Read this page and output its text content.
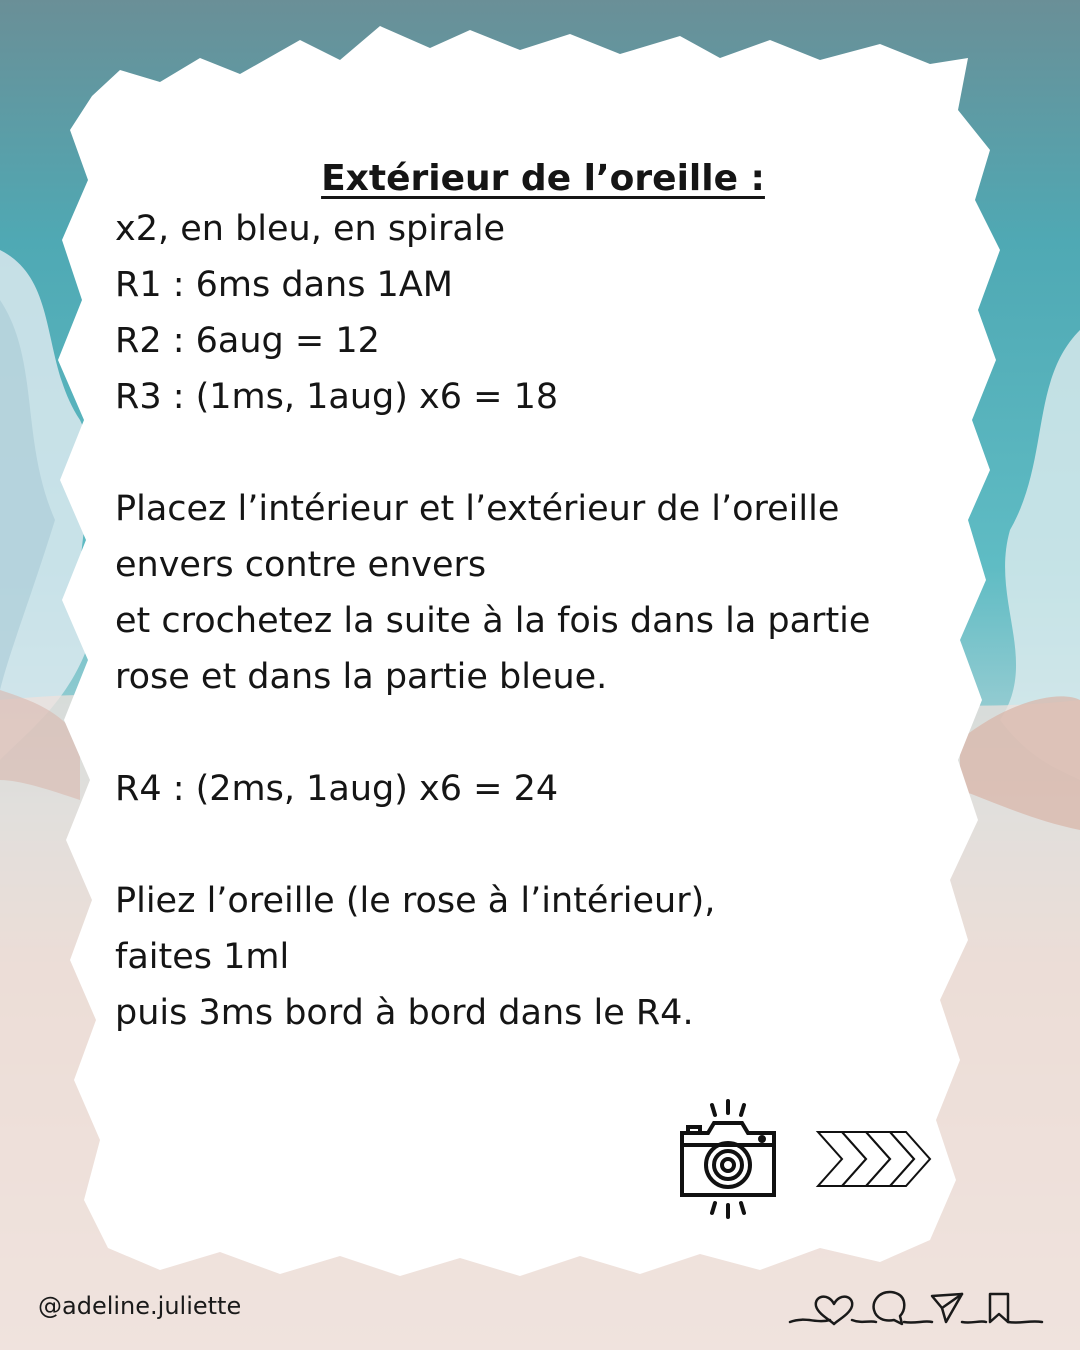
Extérieur de l’oreille :
x2, en bleu, en spirale
R1 : 6ms dans 1AM
R2 : 6aug = 12
R3 : (1ms, 1aug) x6 = 18
Placez l’intérieur et l’extérieur de l’oreille
envers contre envers
et crochetez la suite à la fois dans la partie
rose et dans la partie bleue.
R4 : (2ms, 1aug) x6 = 24
Pliez l’oreille (le rose à l’intérieur),
faites 1ml
puis 3ms bord à bord dans le R4.
@adeline.juliette
